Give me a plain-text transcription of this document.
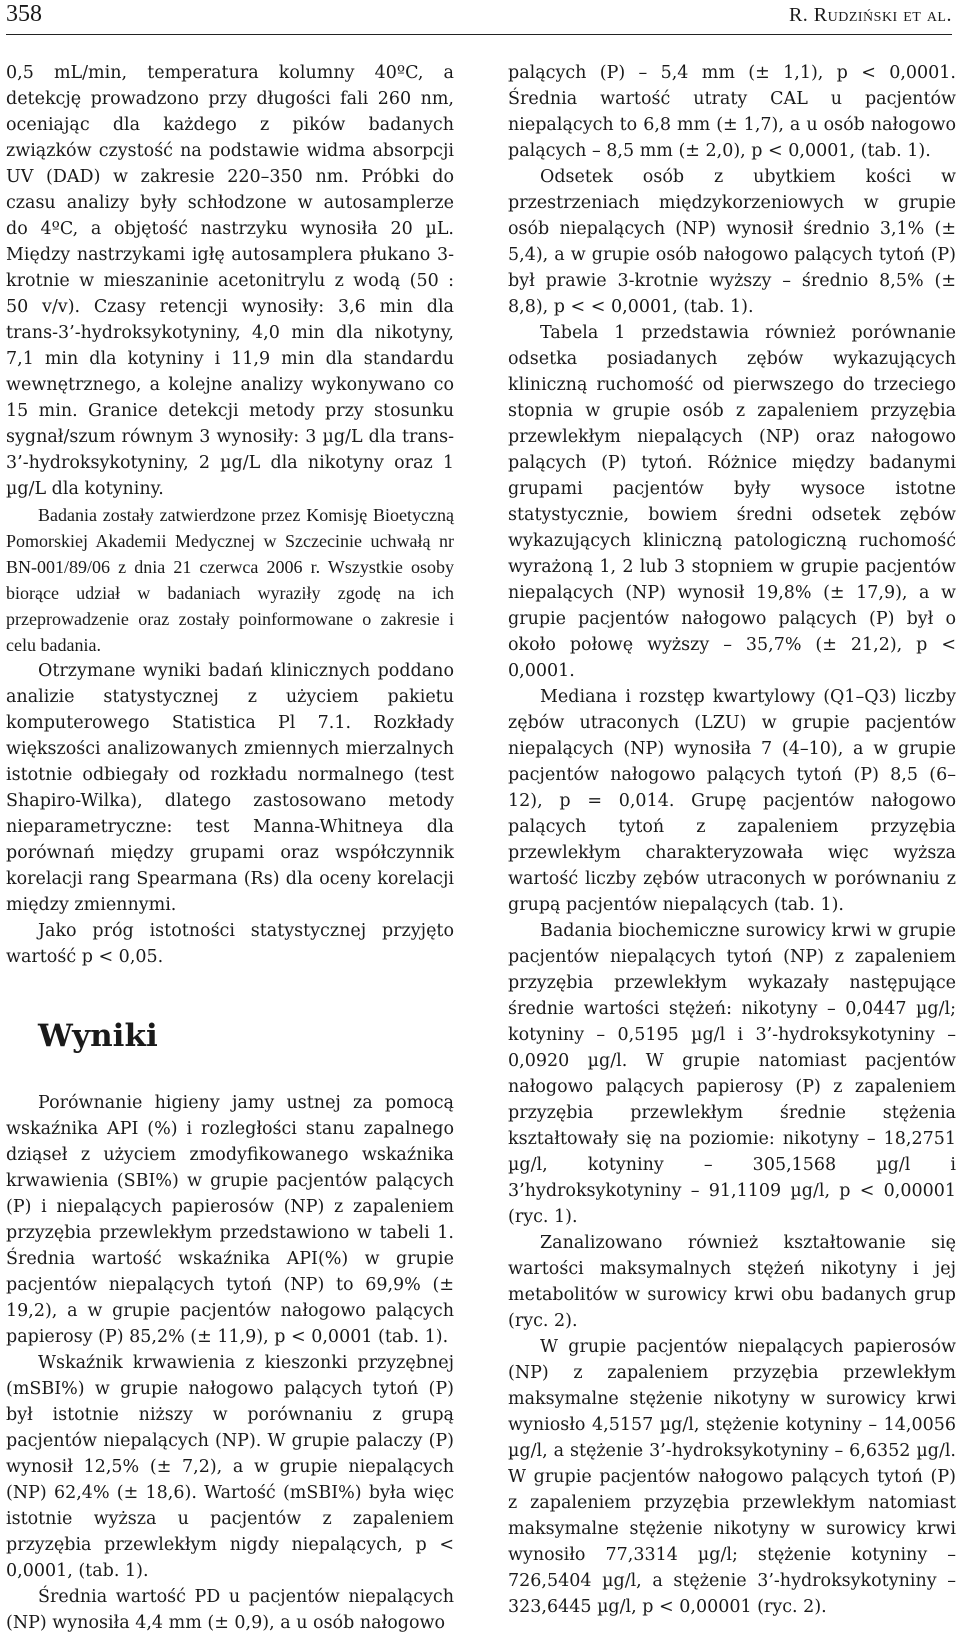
358	R. Rudziński et al.

0,5 mL/min, temperatura kolumny 40ºC, a detekcję prowadzono przy długości fali 260 nm, oceniając dla każdego z pików badanych związków czystość na podstawie widma absorpcji UV (DAD) w zakresie 220–350 nm. Próbki do czasu analizy były schłodzone w autosamplerze do 4ºC, a objętość nastrzyku wynosiła 20 µL. Między nastrzykami igłę autosamplera płukano 3-krotnie w mieszaninie acetonitrylu z wodą (50 : 50 v/v). Czasy retencji wynosiły: 3,6 min dla trans-3’-hydroksykotyniny, 4,0 min dla nikotyny, 7,1 min dla kotyniny i 11,9 min dla standardu wewnętrznego, a kolejne analizy wykonywano co 15 min. Granice detekcji metody przy stosunku sygnał/szum równym 3 wynosiły: 3 µg/L dla trans-3’-hydroksykotyniny, 2 µg/L dla nikotyny oraz 1 µg/L dla kotyniny.

Badania zostały zatwierdzone przez Komisję Bioetyczną Pomorskiej Akademii Medycznej w Szczecinie uchwałą nr BN-001/89/06 z dnia 21 czerwca 2006 r. Wszystkie osoby biorące udział w badaniach wyraziły zgodę na ich przeprowadzenie oraz zostały poinformowane o zakresie i celu badania.

Otrzymane wyniki badań klinicznych poddano analizie statystycznej z użyciem pakietu komputerowego Statistica Pl 7.1. Rozkłady większości analizowanych zmiennych mierzalnych istotnie odbiegały od rozkładu normalnego (test Shapiro-Wilka), dlatego zastosowano metody nieparametryczne: test Manna-Whitneya dla porównań między grupami oraz współczynnik korelacji rang Spearmana (Rs) dla oceny korelacji między zmiennymi.

Jako próg istotności statystycznej przyjęto wartość p < 0,05.

Wyniki

Porównanie higieny jamy ustnej za pomocą wskaźnika API (%) i rozległości stanu zapalnego dziąseł z użyciem zmodyfikowanego wskaźnika krwawienia (SBI%) w grupie pacjentów palących (P) i niepalących papierosów (NP) z zapaleniem przyzębia przewlekłym przedstawiono w tabeli 1. Średnia wartość wskaźnika API(%) w grupie pacjentów niepalących tytoń (NP) to 69,9% (± 19,2), a w grupie pacjentów nałogowo palących papierosy (P) 85,2% (± 11,9), p < 0,0001 (tab. 1).

Wskaźnik krwawienia z kieszonki przyzębnej (mSBI%) w grupie nałogowo palących tytoń (P) był istotnie niższy w porównaniu z grupą pacjentów niepalących (NP). W grupie palaczy (P) wynosił 12,5% (± 7,2), a w grupie niepalących (NP) 62,4% (± 18,6). Wartość (mSBI%) była więc istotnie wyższa u pacjentów z zapaleniem przyzębia przewlekłym nigdy niepalących, p < 0,0001, (tab. 1).

Średnia wartość PD u pacjentów niepalących (NP) wynosiła 4,4 mm (± 0,9), a u osób nałogowo

palących (P) – 5,4 mm (± 1,1), p < 0,0001. Średnia wartość utraty CAL u pacjentów niepalących to 6,8 mm (± 1,7), a u osób nałogowo palących – 8,5 mm (± 2,0), p < 0,0001, (tab. 1).

Odsetek osób z ubytkiem kości w przestrzeniach międzykorzeniowych w grupie osób niepalących (NP) wynosił średnio 3,1% (± 5,4), a w grupie osób nałogowo palących tytoń (P) był prawie 3-krotnie wyższy – średnio 8,5% (± 8,8), p < < 0,0001, (tab. 1).

Tabela 1 przedstawia również porównanie odsetka posiadanych zębów wykazujących kliniczną ruchomość od pierwszego do trzeciego stopnia w grupie osób z zapaleniem przyzębia przewlekłym niepalących (NP) oraz nałogowo palących (P) tytoń. Różnice między badanymi grupami pacjentów były wysoce istotne statystycznie, bowiem średni odsetek zębów wykazujących kliniczną patologiczną ruchomość wyrażoną 1, 2 lub 3 stopniem w grupie pacjentów niepalących (NP) wynosił 19,8% (± 17,9), a w grupie pacjentów nałogowo palących (P) był o około połowę wyższy – 35,7% (± 21,2), p < 0,0001.

Mediana i rozstęp kwartylowy (Q1–Q3) liczby zębów utraconych (LZU) w grupie pacjentów niepalących (NP) wynosiła 7 (4–10), a w grupie pacjentów nałogowo palących tytoń (P) 8,5 (6–12), p = 0,014. Grupę pacjentów nałogowo palących tytoń z zapaleniem przyzębia przewlekłym charakteryzowała więc wyższa wartość liczby zębów utraconych w porównaniu z grupą pacjentów niepalących (tab. 1).

Badania biochemiczne surowicy krwi w grupie pacjentów niepalących tytoń (NP) z zapaleniem przyzębia przewlekłym wykazały następujące średnie wartości stężeń: nikotyny – 0,0447 µg/l; kotyniny – 0,5195 µg/l i 3’-hydroksykotyniny – 0,0920 µg/l. W grupie natomiast pacjentów nałogowo palących papierosy (P) z zapaleniem przyzębia przewlekłym średnie stężenia kształtowały się na poziomie: nikotyny – 18,2751 µg/l, kotyniny – 305,1568 µg/l i 3’hydroksykotyniny – 91,1109 µg/l, p < 0,00001 (ryc. 1).

Zanalizowano również kształtowanie się wartości maksymalnych stężeń nikotyny i jej metabolitów w surowicy krwi obu badanych grup (ryc. 2).

W grupie pacjentów niepalących papierosów (NP) z zapaleniem przyzębia przewlekłym maksymalne stężenie nikotyny w surowicy krwi wyniosło 4,5157 µg/l, stężenie kotyniny – 14,0056 µg/l, a stężenie 3’-hydroksykotyniny – 6,6352 µg/l. W grupie pacjentów nałogowo palących tytoń (P) z zapaleniem przyzębia przewlekłym natomiast maksymalne stężenie nikotyny w surowicy krwi wynosiło 77,3314 µg/l; stężenie kotyniny – 726,5404 µg/l, a stężenie 3’-hydroksykotyniny – 323,6445 µg/l, p < 0,00001 (ryc. 2).
